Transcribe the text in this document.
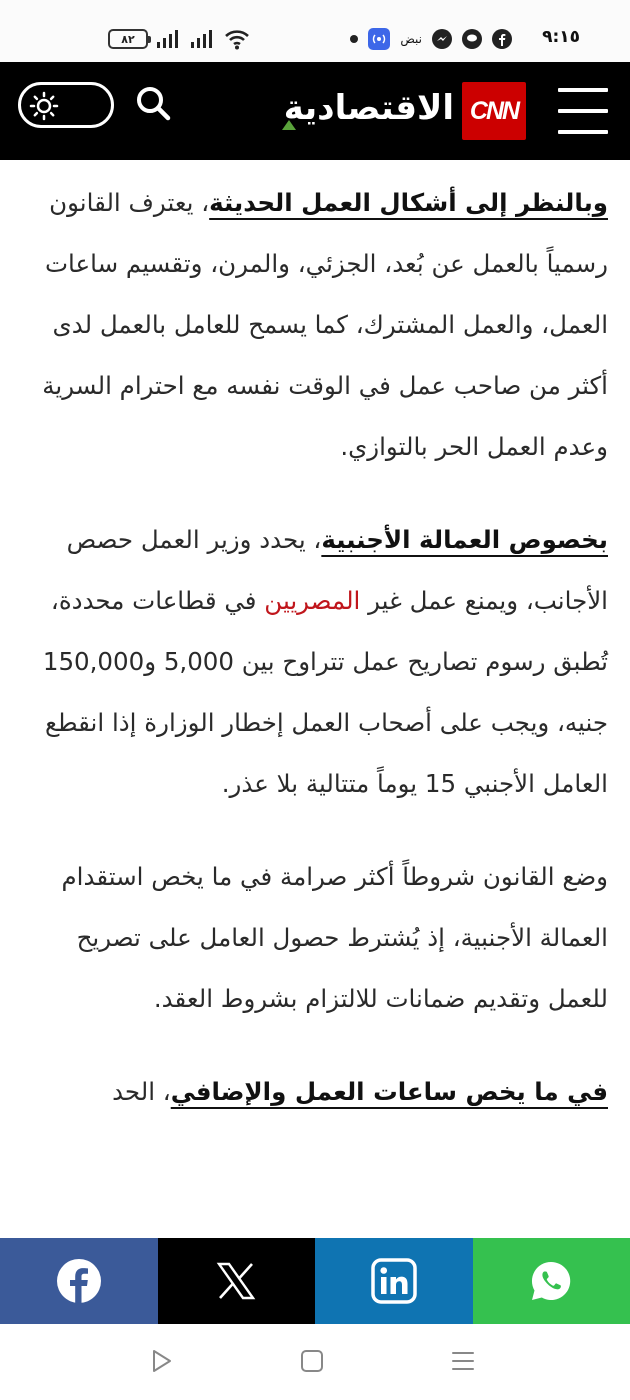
٩:١٥
نبض
٨٢
CNN
الاقتصادية

وبالنظر إلى أشكال العمل الحديثة، يعترف القانون رسمياً بالعمل عن بُعد، الجزئي، والمرن، وتقسيم ساعات العمل، والعمل المشترك، كما يسمح للعامل بالعمل لدى أكثر من صاحب عمل في الوقت نفسه مع احترام السرية وعدم العمل الحر بالتوازي.

بخصوص العمالة الأجنبية، يحدد وزير العمل حصص الأجانب، ويمنع عمل غير المصريين في قطاعات محددة، تُطبق رسوم تصاريح عمل تتراوح بين 5,000 و150,000 جنيه، ويجب على أصحاب العمل إخطار الوزارة إذا انقطع العامل الأجنبي 15 يوماً متتالية بلا عذر.

وضع القانون شروطاً أكثر صرامة في ما يخص استقدام العمالة الأجنبية، إذ يُشترط حصول العامل على تصريح للعمل وتقديم ضمانات للالتزام بشروط العقد.

في ما يخص ساعات العمل والإضافي، الحد
